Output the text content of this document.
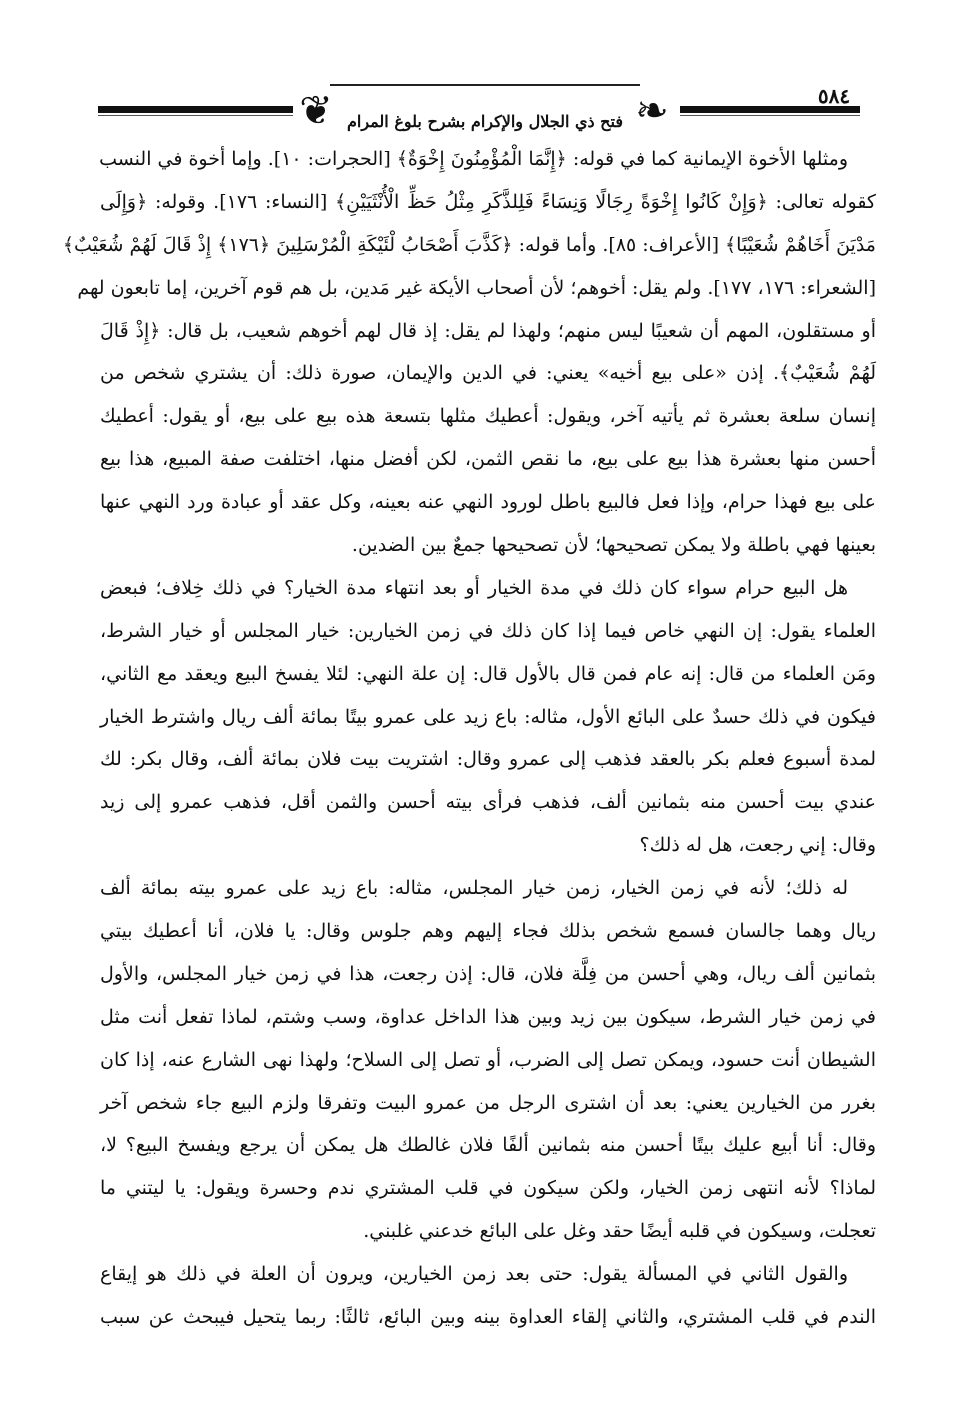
❦	❧
فتح ذي الجلال والإكرام بشرح بلوغ المرام
٥٨٤
ومثلها الأخوة الإيمانية كما في قوله: ﴿إِنَّمَا الْمُؤْمِنُونَ إِخْوَةٌ﴾ [الحجرات: ١٠]. وإما أخوة في النسب
كقوله تعالى: ﴿وَإِنْ كَانُوا إِخْوَةً رِجَالًا وَنِسَاءً فَلِلذَّكَرِ مِثْلُ حَظِّ الْأُنْثَيَيْنِ﴾ [النساء: ١٧٦]. وقوله: ﴿وَإِلَى
مَدْيَنَ أَخَاهُمْ شُعَيْبًا﴾ [الأعراف: ٨٥]. وأما قوله: ﴿كَذَّبَ أَصْحَابُ لْئَيْكَةِ الْمُرْسَلِينَ ﴿١٧٦﴾ إِذْ قَالَ لَهُمْ شُعَيْبٌ﴾
[الشعراء: ١٧٦، ١٧٧]. ولم يقل: أخوهم؛ لأن أصحاب الأيكة غير مَدين، بل هم قوم آخرين، إما تابعون لهم
أو مستقلون، المهم أن شعيبًا ليس منهم؛ ولهذا لم يقل: إذ قال لهم أخوهم شعيب، بل قال: ﴿إِذْ قَالَ
لَهُمْ شُعَيْبٌ﴾. إذن «على بيع أخيه» يعني: في الدين والإيمان، صورة ذلك: أن يشتري شخص من
إنسان سلعة بعشرة ثم يأتيه آخر، ويقول: أعطيك مثلها بتسعة هذه بيع على بيع، أو يقول: أعطيك
أحسن منها بعشرة هذا بيع على بيع، ما نقص الثمن، لكن أفضل منها، اختلفت صفة المبيع، هذا بيع
على بيع فهذا حرام، وإذا فعل فالبيع باطل لورود النهي عنه بعينه، وكل عقد أو عبادة ورد النهي عنها
بعينها فهي باطلة ولا يمكن تصحيحها؛ لأن تصحيحها جمعٌ بين الضدين.
هل البيع حرام سواء كان ذلك في مدة الخيار أو بعد انتهاء مدة الخيار؟ في ذلك خِلاف؛ فبعض
العلماء يقول: إن النهي خاص فيما إذا كان ذلك في زمن الخيارين: خيار المجلس أو خيار الشرط،
ومَن العلماء من قال: إنه عام فمن قال بالأول قال: إن علة النهي: لئلا يفسخ البيع ويعقد مع الثاني،
فيكون في ذلك حسدٌ على البائع الأول، مثاله: باع زيد على عمرو بيتًا بمائة ألف ريال واشترط الخيار
لمدة أسبوع فعلم بكر بالعقد فذهب إلى عمرو وقال: اشتريت بيت فلان بمائة ألف، وقال بكر: لك
عندي بيت أحسن منه بثمانين ألف، فذهب فرأى بيته أحسن والثمن أقل، فذهب عمرو إلى زيد
وقال: إني رجعت، هل له ذلك؟
له ذلك؛ لأنه في زمن الخيار، زمن خيار المجلس، مثاله: باع زيد على عمرو بيته بمائة ألف
ريال وهما جالسان فسمع شخص بذلك فجاء إليهم وهم جلوس وقال: يا فلان، أنا أعطيك بيتي
بثمانين ألف ريال، وهي أحسن من فِلَّة فلان، قال: إذن رجعت، هذا في زمن خيار المجلس، والأول
في زمن خيار الشرط، سيكون بين زيد وبين هذا الداخل عداوة، وسب وشتم، لماذا تفعل أنت مثل
الشيطان أنت حسود، ويمكن تصل إلى الضرب، أو تصل إلى السلاح؛ ولهذا نهى الشارع عنه، إذا كان
بغرر من الخيارين يعني: بعد أن اشترى الرجل من عمرو البيت وتفرقا ولزم البيع جاء شخص آخر
وقال: أنا أبيع عليك بيتًا أحسن منه بثمانين ألفًا فلان غالطك هل يمكن أن يرجع ويفسخ البيع؟ لا،
لماذا؟ لأنه انتهى زمن الخيار، ولكن سيكون في قلب المشتري ندم وحسرة ويقول: يا ليتني ما
تعجلت، وسيكون في قلبه أيضًا حقد وغل على البائع خدعني غلبني.
والقول الثاني في المسألة يقول: حتى بعد زمن الخيارين، ويرون أن العلة في ذلك هو إيقاع
الندم في قلب المشتري، والثاني إلقاء العداوة بينه وبين البائع، ثالثًا: ربما يتحيل فيبحث عن سبب
